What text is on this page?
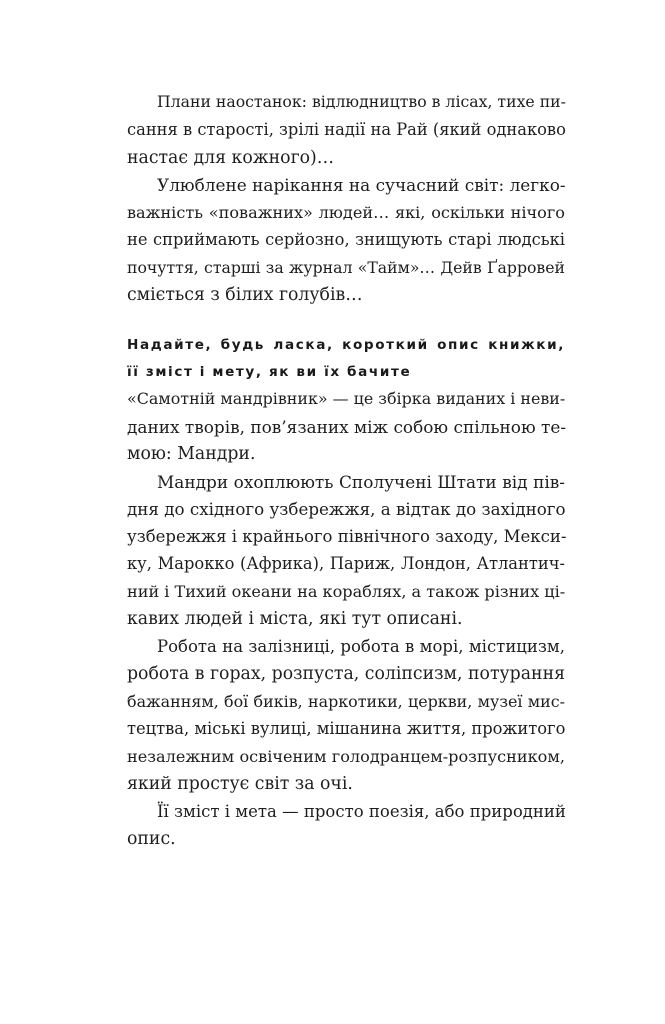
Плани наостанок: відлюдництво в лісах, тихе пи-

сання в старості, зрілі надії на Рай (який однаково

настає для кожного)…

Улюблене нарікання на сучасний світ: легко-

важність «поважних» людей… які, оскільки нічого

не сприймають серйозно, знищують старі людські

почуття, старші за журнал «Тайм»… Дейв Ґарровей

сміється з білих голубів…

Надайте, будь ласка, короткий опис книжки,

її зміст і мету, як ви їх бачите

«Самотній мандрівник» — це збірка виданих і неви-

даних творів, пов’язаних між собою спільною те-

мою: Мандри.

Мандри охоплюють Сполучені Штати від пів-

дня до східного узбережжя, а відтак до західного

узбережжя і крайнього північного заходу, Мекси-

ку, Марокко (Африка), Париж, Лондон, Атлантич-

ний і Тихий океани на кораблях, а також різних ці-

кавих людей і міста, які тут описані.

Робота на залізниці, робота в морі, містицизм,

робота в горах, розпуста, соліпсизм, потурання

бажанням, бої биків, наркотики, церкви, музеї мис-

тецтва, міські вулиці, мішанина життя, прожитого

незалежним освіченим голодранцем-розпусником,

який простує світ за очі.

Її зміст і мета — просто поезія, або природний

опис.
